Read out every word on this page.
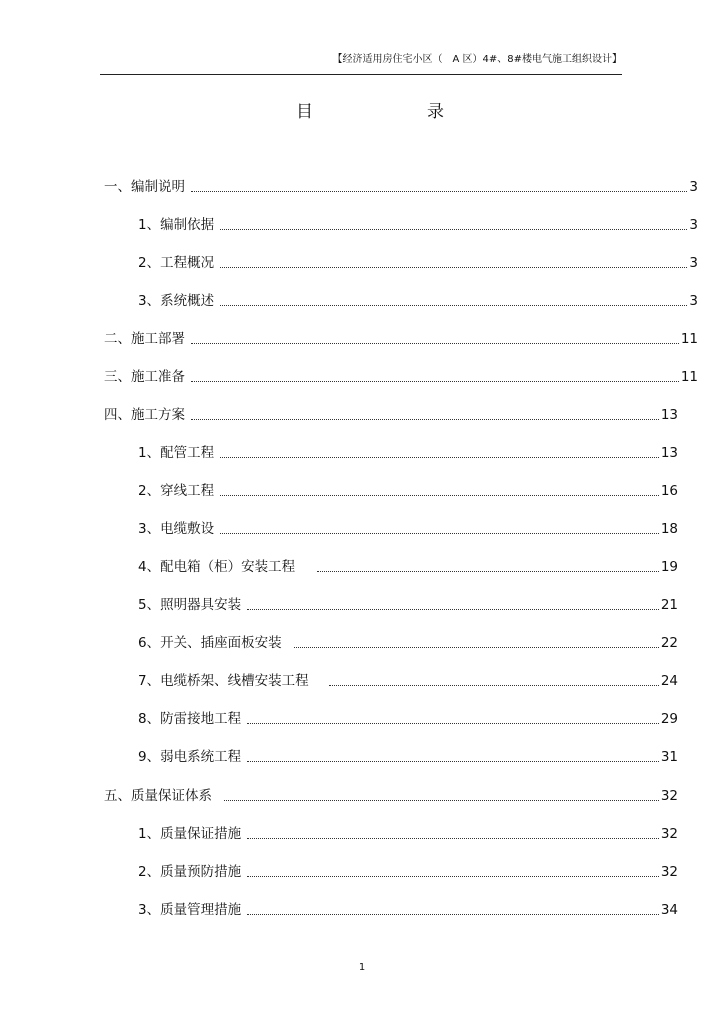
【经济适用房住宅小区（　A 区）4#、8#楼电气施工组织设计】
目	录
一、编制说明	3
1、编制依据	3
2、工程概况	3
3、系统概述	3
二、施工部署	11
三、施工准备	11
四、施工方案	13
1、配管工程	13
2、穿线工程	16
3、电缆敷设	18
4、配电箱（柜）安装工程	19
5、照明器具安装	21
6、开关、插座面板安装	22
7、电缆桥架、线槽安装工程	24
8、防雷接地工程	29
9、弱电系统工程	31
五、质量保证体系	32
1、质量保证措施	32
2、质量预防措施	32
3、质量管理措施	34
1
